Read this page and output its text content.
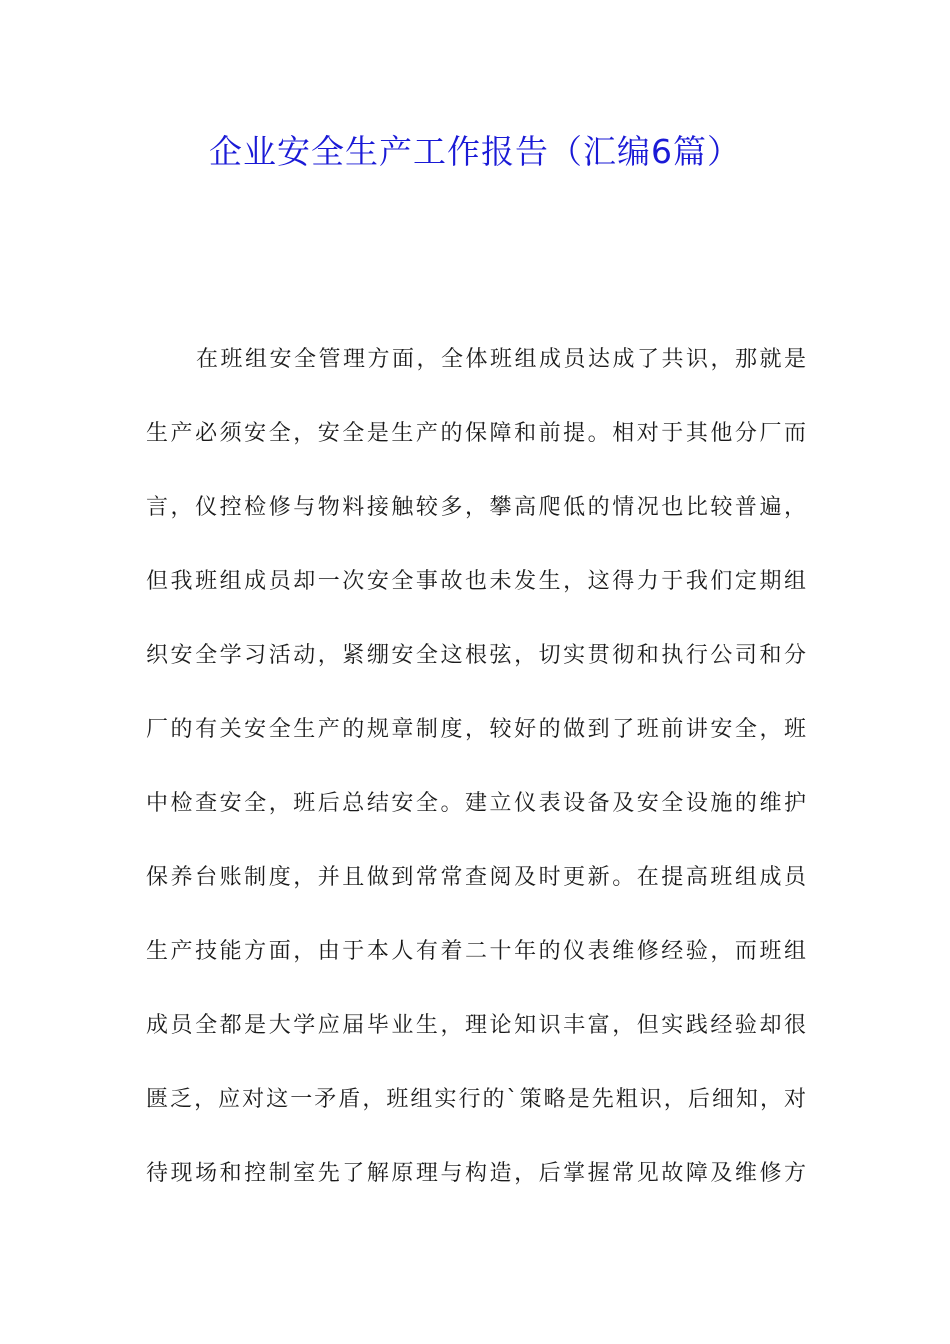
企业安全生产工作报告（汇编6篇）
在班组安全管理方面，全体班组成员达成了共识，那就是
生产必须安全，安全是生产的保障和前提。相对于其他分厂而
言，仪控检修与物料接触较多，攀高爬低的情况也比较普遍，
但我班组成员却一次安全事故也未发生，这得力于我们定期组
织安全学习活动，紧绷安全这根弦，切实贯彻和执行公司和分
厂的有关安全生产的规章制度，较好的做到了班前讲安全，班
中检查安全，班后总结安全。建立仪表设备及安全设施的维护
保养台账制度，并且做到常常查阅及时更新。在提高班组成员
生产技能方面，由于本人有着二十年的仪表维修经验，而班组
成员全都是大学应届毕业生，理论知识丰富，但实践经验却很
匮乏，应对这一矛盾，班组实行的`策略是先粗识，后细知，对
待现场和控制室先了解原理与构造，后掌握常见故障及维修方
